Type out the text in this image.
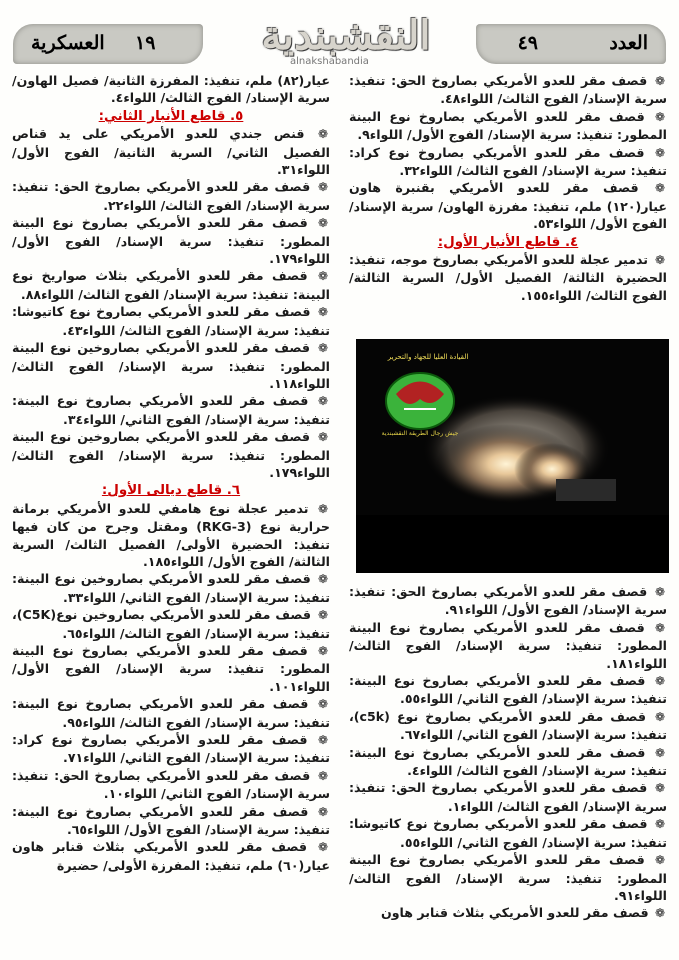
العدد
٤٩
العسكرية ١٩	النقشبندية
alnakshabandia

❁ قصف مقر للعدو الأمريكي بصاروخ الحق: تنفيذ: سرية الإسناد/ الفوج الثالث/ اللواء٤٨.

❁ قصف مقر للعدو الأمريكي بصاروخ نوع البينة المطور: تنفيذ: سرية الإسناد/ الفوج الأول/ اللواء٩.

❁ قصف مقر للعدو الأمريكي بصاروخ نوع كراد: تنفيذ: سرية الإسناد/ الفوج الثالث/ اللواء٣٢.

❁ قصف مقر للعدو الأمريكي بقنبرة هاون عيار(١٢٠) ملم، تنفيذ: مفرزة الهاون/ سرية الإسناد/ الفوج الأول/ اللواء٥٣.

٤. قاطع الأنبار الأول:

❁ تدمير عجلة للعدو الأمريكي بصاروخ موجه، تنفيذ: الحضيرة الثالثة/ الفصيل الأول/ السرية الثالثة/ الفوج الثالث/ اللواء١٥٥.

عيار(٨٢) ملم، تنفيذ: المفرزة الثانية/ فصيل الهاون/ سرية الإسناد/ الفوج الثالث/ اللواء٤.

٥. قاطع الأنبار الثاني:

❁ قنص جندي للعدو الأمريكي على يد قناص الفصيل الثاني/ السرية الثانية/ الفوج الأول/ اللواء٣١.

❁ قصف مقر للعدو الأمريكي بصاروخ الحق: تنفيذ: سرية الإسناد/ الفوج الثالث/ اللواء٢٢.

❁ قصف مقر للعدو الأمريكي بصاروخ نوع البينة المطور: تنفيذ: سرية الإسناد/ الفوج الأول/ اللواء١٧٩.

❁ قصف مقر للعدو الأمريكي بثلاث صواريخ نوع البينة: تنفيذ: سرية الإسناد/ الفوج الثالث/ اللواء٨٨.

❁ قصف مقر للعدو الأمريكي بصاروخ نوع كاتيوشا: تنفيذ: سرية الإسناد/ الفوج الثالث/ اللواء٤٣.

❁ قصف مقر للعدو الأمريكي بصاروخين نوع البينة المطور: تنفيذ: سرية الإسناد/ الفوج الثالث/ اللواء١١٨.

❁ قصف مقر للعدو الأمريكي بصاروخ نوع البينة: تنفيذ: سرية الإسناد/ الفوج الثاني/ اللواء٣٤.

❁ قصف مقر للعدو الأمريكي بصاروخين نوع البينة المطور: تنفيذ: سرية الإسناد/ الفوج الثالث/ اللواء١٧٩.

٦. قاطع ديالى الأول:

❁ تدمير عجلة نوع هامفي للعدو الأمريكي برمانة حرارية نوع (RKG-3) ومقتل وجرح من كان فيها تنفيذ: الحضيرة الأولى/ الفصيل الثالث/ السرية الثالثة/ الفوج الأول/ اللواء١٨٥.

❁ قصف مقر للعدو الأمريكي بصاروخين نوع البينة: تنفيذ: سرية الإسناد/ الفوج الثاني/ اللواء٣٣.

❁ قصف مقر للعدو الأمريكي بصاروخين نوع(C5K)، تنفيذ: سرية الإسناد/ الفوج الثالث/ اللواء٦٥.

❁ قصف مقر للعدو الأمريكي بصاروخ نوع البينة المطور: تنفيذ: سرية الإسناد/ الفوج الأول/ اللواء١٠١.

❁ قصف مقر للعدو الأمريكي بصاروخ نوع البينة: تنفيذ: سرية الإسناد/ الفوج الثالث/ اللواء٩٥.

❁ قصف مقر للعدو الأمريكي بصاروخ نوع كراد: تنفيذ: سرية الإسناد/ الفوج الثاني/ اللواء٧١.

❁ قصف مقر للعدو الأمريكي بصاروخ الحق: تنفيذ: سرية الإسناد/ الفوج الثاني/ اللواء١٠.

❁ قصف مقر للعدو الأمريكي بصاروخ نوع البينة: تنفيذ: سرية الإسناد/ الفوج الأول/ اللواء٦٥.

❁ قصف مقر للعدو الأمريكي بثلاث قنابر هاون عيار(٦٠) ملم، تنفيذ: المفرزة الأولى/ حضيرة

❁ قصف مقر للعدو الأمريكي بصاروخ الحق: تنفيذ: سرية الإسناد/ الفوج الأول/ اللواء٩١.

❁ قصف مقر للعدو الأمريكي بصاروخ نوع البينة المطور: تنفيذ: سرية الإسناد/ الفوج الثالث/ اللواء١٨١.

❁ قصف مقر للعدو الأمريكي بصاروخ نوع البينة: تنفيذ: سرية الإسناد/ الفوج الثاني/ اللواء٥٥.

❁ قصف مقر للعدو الأمريكي بصاروخ نوع (c5k)، تنفيذ: سرية الإسناد/ الفوج الثاني/ اللواء٦٧.

❁ قصف مقر للعدو الأمريكي بصاروخ نوع البينة: تنفيذ: سرية الإسناد/ الفوج الثالث/ اللواء٤.

❁ قصف مقر للعدو الأمريكي بصاروخ الحق: تنفيذ: سرية الإسناد/ الفوج الثالث/ اللواء١.

❁ قصف مقر للعدو الأمريكي بصاروخ نوع كاتيوشا: تنفيذ: سرية الإسناد/ الفوج الثاني/ اللواء٥٥.

❁ قصف مقر للعدو الأمريكي بصاروخ نوع البينة المطور: تنفيذ: سرية الإسناد/ الفوج الثالث/ اللواء٩١.

❁ قصف مقر للعدو الأمريكي بثلاث قنابر هاون

القيادة العليا للجهاد والتحرير
جيش رجال الطريقة النقشبندية
